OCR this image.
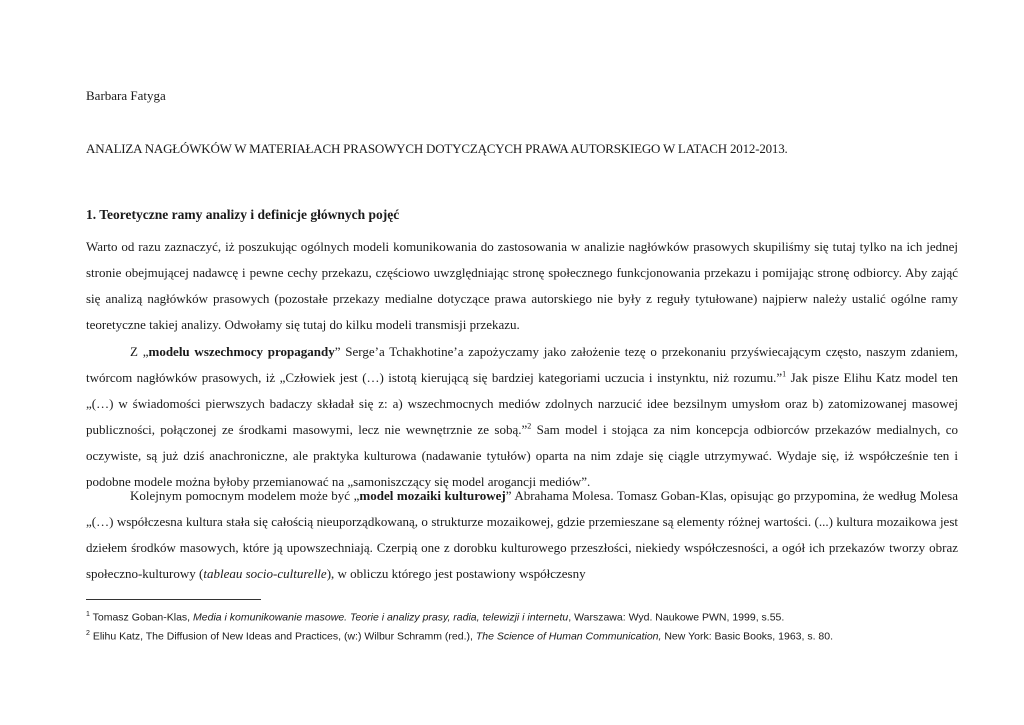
Barbara Fatyga
ANALIZA NAGŁÓWKÓW W MATERIAŁACH PRASOWYCH DOTYCZĄCYCH PRAWA AUTORSKIEGO W LATACH 2012-2013.
1. Teoretyczne ramy analizy i definicje głównych pojęć
Warto od razu zaznaczyć, iż poszukując ogólnych modeli komunikowania do zastosowania w analizie nagłówków prasowych skupiliśmy się tutaj tylko na ich jednej stronie obejmującej nadawcę i pewne cechy przekazu, częściowo uwzględniając stronę społecznego funkcjonowania przekazu i pomijając stronę odbiorcy. Aby zająć się analizą nagłówków prasowych (pozostałe przekazy medialne dotyczące prawa autorskiego nie były z reguły tytułowane) najpierw należy ustalić ogólne ramy teoretyczne takiej analizy. Odwołamy się tutaj do kilku modeli transmisji przekazu.
Z „modelu wszechmocy propagandy” Serge’a Tchakhotine’a zapożyczamy jako założenie tezę o przekonaniu przyświecającym często, naszym zdaniem, twórcom nagłówków prasowych, iż „Człowiek jest (…) istotą kierującą się bardziej kategoriami uczucia i instynktu, niż rozumu.”$^1$ Jak pisze Elihu Katz model ten „(…) w świadomości pierwszych badaczy składał się z: a) wszechmocnych mediów zdolnych narzucić idee bezsilnym umysłom oraz b) zatomizowanej masowej publiczności, połączonej ze środkami masowymi, lecz nie wewnętrznie ze sobą.”$^2$ Sam model i stojąca za nim koncepcja odbiorców przekazów medialnych, co oczywiste, są już dziś anachroniczne, ale praktyka kulturowa (nadawanie tytułów) oparta na nim zdaje się ciągle utrzymywać. Wydaje się, iż współcześnie ten i podobne modele można byłoby przemianować na „samoniszczący się model arogancji mediów”.
Kolejnym pomocnym modelem może być „model mozaiki kulturowej” Abrahama Molesa. Tomasz Goban-Klas, opisując go przypomina, że według Molesa „(…) współczesna kultura stała się całością nieuporządkowaną, o strukturze mozaikowej, gdzie przemieszane są elementy różnej wartości. (...) kultura mozaikowa jest dziełem środków masowych, które ją upowszechniają. Czerpią one z dorobku kulturowego przeszłości, niekiedy współczesności, a ogół ich przekazów tworzy obraz społeczno-kulturowy (tableau socio-culturelle), w obliczu którego jest postawiony współczesny
$^1$ Tomasz Goban-Klas, Media i komunikowanie masowe. Teorie i analizy prasy, radia, telewizji i internetu, Warszawa: Wyd. Naukowe PWN, 1999, s.55.
$^2$ Elihu Katz, The Diffusion of New Ideas and Practices, (w:) Wilbur Schramm (red.), The Science of Human Communication, New York: Basic Books, 1963, s. 80.
